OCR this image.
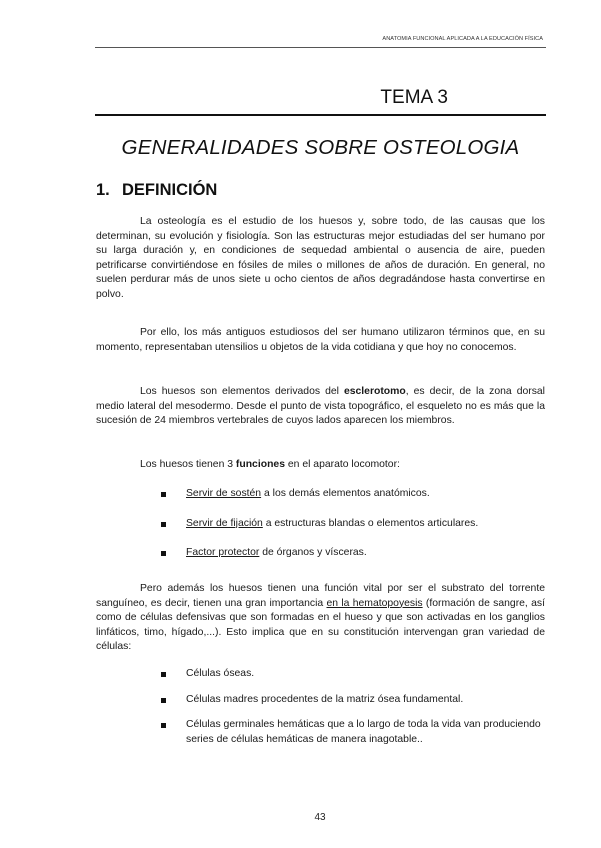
ANATOMIA FUNCIONAL APLICADA A LA EDUCACIÓN FÍSICA
TEMA 3
GENERALIDADES SOBRE OSTEOLOGIA
1. DEFINICIÓN

La osteología es el estudio de los huesos y, sobre todo, de las causas que los determinan, su evolución y fisiología. Son las estructuras mejor estudiadas del ser humano por su larga duración y, en condiciones de sequedad ambiental o ausencia de aire, pueden petrificarse convirtiéndose en fósiles de miles o millones de años de duración. En general, no suelen perdurar más de unos siete u ocho cientos de años degradándose hasta convertirse en polvo.

Por ello, los más antiguos estudiosos del ser humano utilizaron términos que, en su momento, representaban utensilios u objetos de la vida cotidiana y que hoy no conocemos.

Los huesos son elementos derivados del esclerotomo, es decir, de la zona dorsal medio lateral del mesodermo. Desde el punto de vista topográfico, el esqueleto no es más que la sucesión de 24 miembros vertebrales de cuyos lados aparecen los miembros.

Los huesos tienen 3 funciones en el aparato locomotor:

Servir de sostén a los demás elementos anatómicos.
Servir de fijación a estructuras blandas o elementos articulares.
Factor protector de órganos y vísceras.

Pero además los huesos tienen una función vital por ser el substrato del torrente sanguíneo, es decir, tienen una gran importancia en la hematopoyesis (formación de sangre, así como de células defensivas que son formadas en el hueso y que son activadas en los ganglios linfáticos, timo, hígado,...). Esto implica que en su constitución intervengan gran variedad de células:

Células óseas.
Células madres procedentes de la matriz ósea fundamental.
Células germinales hemáticas que a lo largo de toda la vida van produciendo series de células hemáticas de manera inagotable..
43
